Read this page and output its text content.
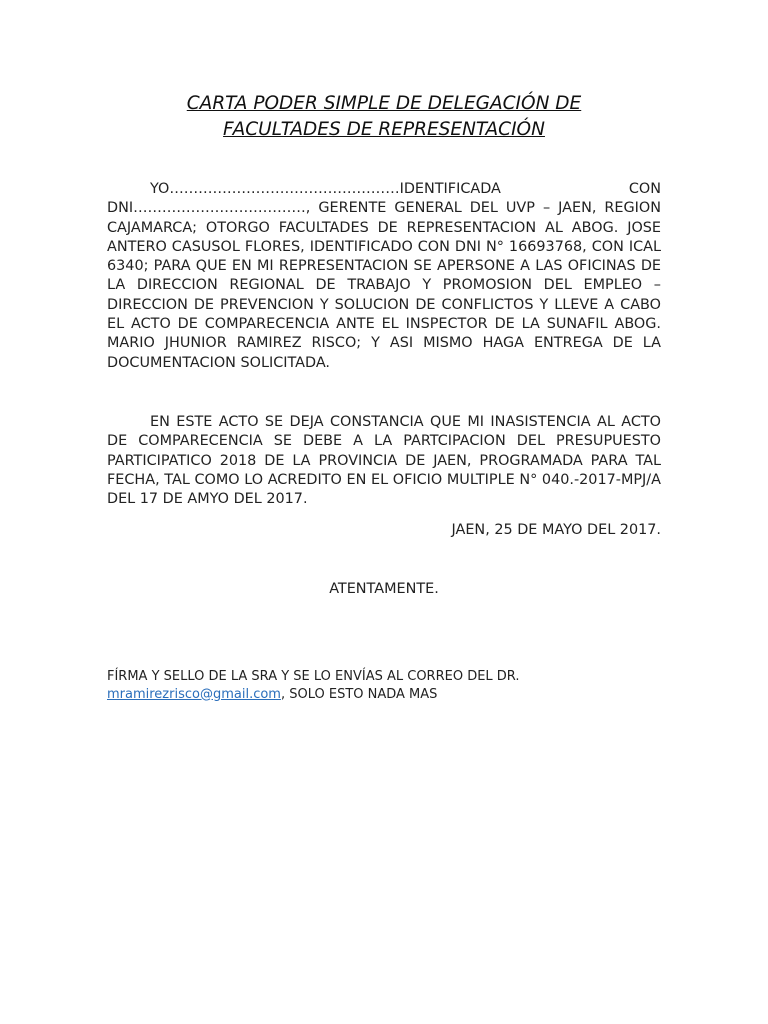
CARTA PODER SIMPLE DE DELEGACIÓN DE
FACULTADES DE REPRESENTACIÓN

YO…………………………………………IDENTIFICADA CON DNI………………………………, GERENTE GENERAL DEL UVP – JAEN, REGION CAJAMARCA; OTORGO FACULTADES DE REPRESENTACION AL ABOG. JOSE ANTERO CASUSOL FLORES, IDENTIFICADO CON DNI N° 16693768, CON ICAL 6340; PARA QUE EN MI REPRESENTACION SE APERSONE A LAS OFICINAS DE LA DIRECCION REGIONAL DE TRABAJO Y PROMOSION DEL EMPLEO – DIRECCION DE PREVENCION Y SOLUCION DE CONFLICTOS Y LLEVE A CABO EL ACTO DE COMPARECENCIA ANTE EL INSPECTOR DE LA SUNAFIL ABOG. MARIO JHUNIOR RAMIREZ RISCO; Y ASI MISMO HAGA ENTREGA DE LA DOCUMENTACION SOLICITADA.

EN ESTE ACTO SE DEJA CONSTANCIA QUE MI INASISTENCIA AL ACTO DE COMPARECENCIA SE DEBE A LA PARTCIPACION DEL PRESUPUESTO PARTICIPATICO 2018 DE LA PROVINCIA DE JAEN, PROGRAMADA PARA TAL FECHA, TAL COMO LO ACREDITO EN EL OFICIO MULTIPLE N° 040.-2017-MPJ/A DEL 17 DE AMYO DEL 2017.

JAEN, 25 DE MAYO DEL 2017.

ATENTAMENTE.

FÍRMA Y SELLO DE LA SRA Y SE LO ENVÍAS AL CORREO DEL DR.
mramirezrisco@gmail.com, SOLO ESTO NADA MAS
